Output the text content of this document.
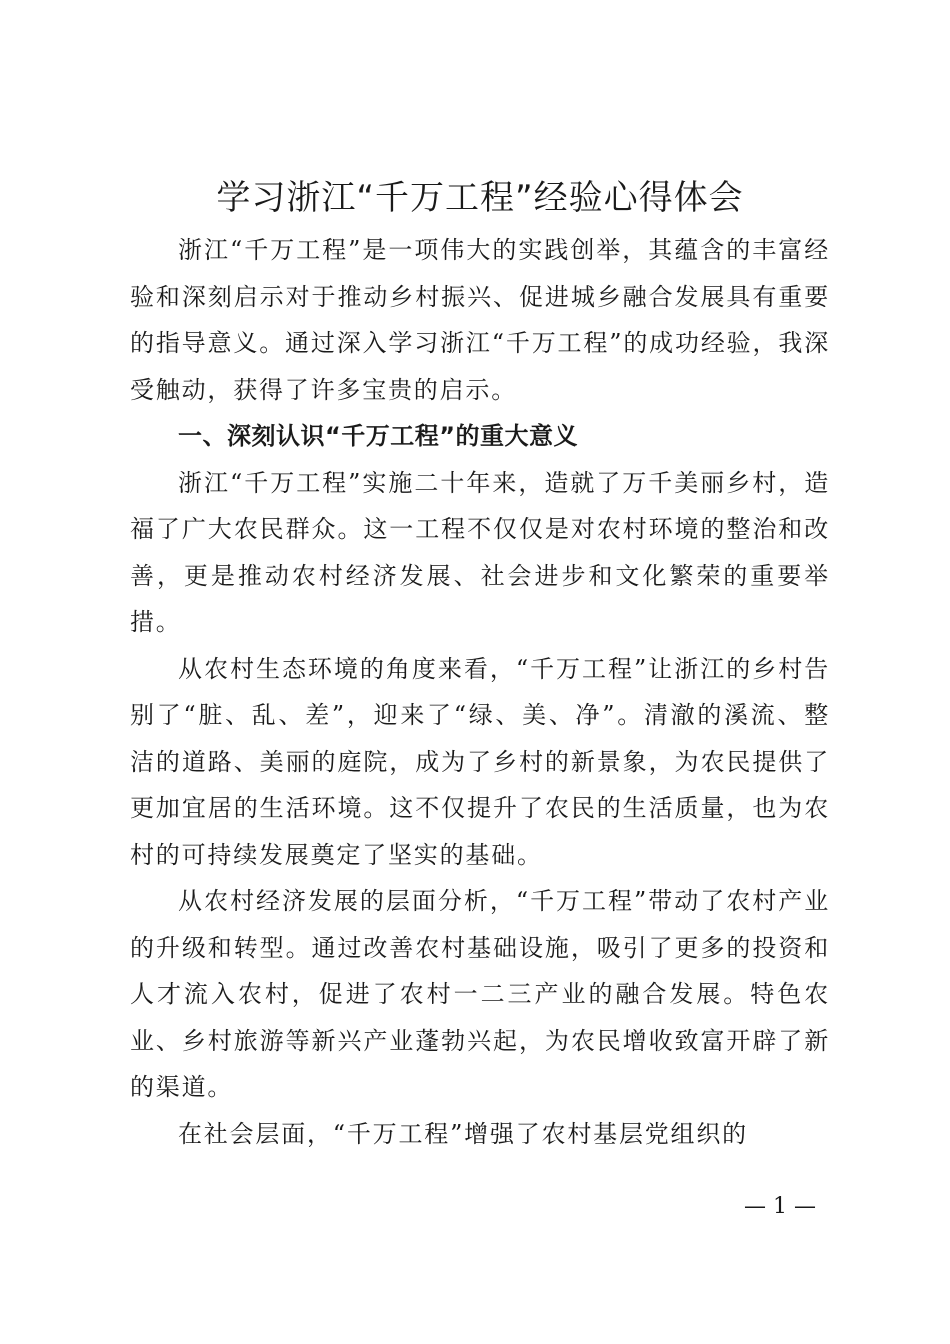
学习浙江“千万工程”经验心得体会

浙江“千万工程”是一项伟大的实践创举，其蕴含的丰富经验和深刻启示对于推动乡村振兴、促进城乡融合发展具有重要的指导意义。通过深入学习浙江“千万工程”的成功经验，我深受触动，获得了许多宝贵的启示。

一、深刻认识“千万工程”的重大意义

浙江“千万工程”实施二十年来，造就了万千美丽乡村，造福了广大农民群众。这一工程不仅仅是对农村环境的整治和改善，更是推动农村经济发展、社会进步和文化繁荣的重要举措。

从农村生态环境的角度来看，“千万工程”让浙江的乡村告别了“脏、乱、差”，迎来了“绿、美、净”。清澈的溪流、整洁的道路、美丽的庭院，成为了乡村的新景象，为农民提供了更加宜居的生活环境。这不仅提升了农民的生活质量，也为农村的可持续发展奠定了坚实的基础。

从农村经济发展的层面分析，“千万工程”带动了农村产业的升级和转型。通过改善农村基础设施，吸引了更多的投资和人才流入农村，促进了农村一二三产业的融合发展。特色农业、乡村旅游等新兴产业蓬勃兴起，为农民增收致富开辟了新的渠道。

在社会层面，“千万工程”增强了农村基层党组织的

— 1 —
